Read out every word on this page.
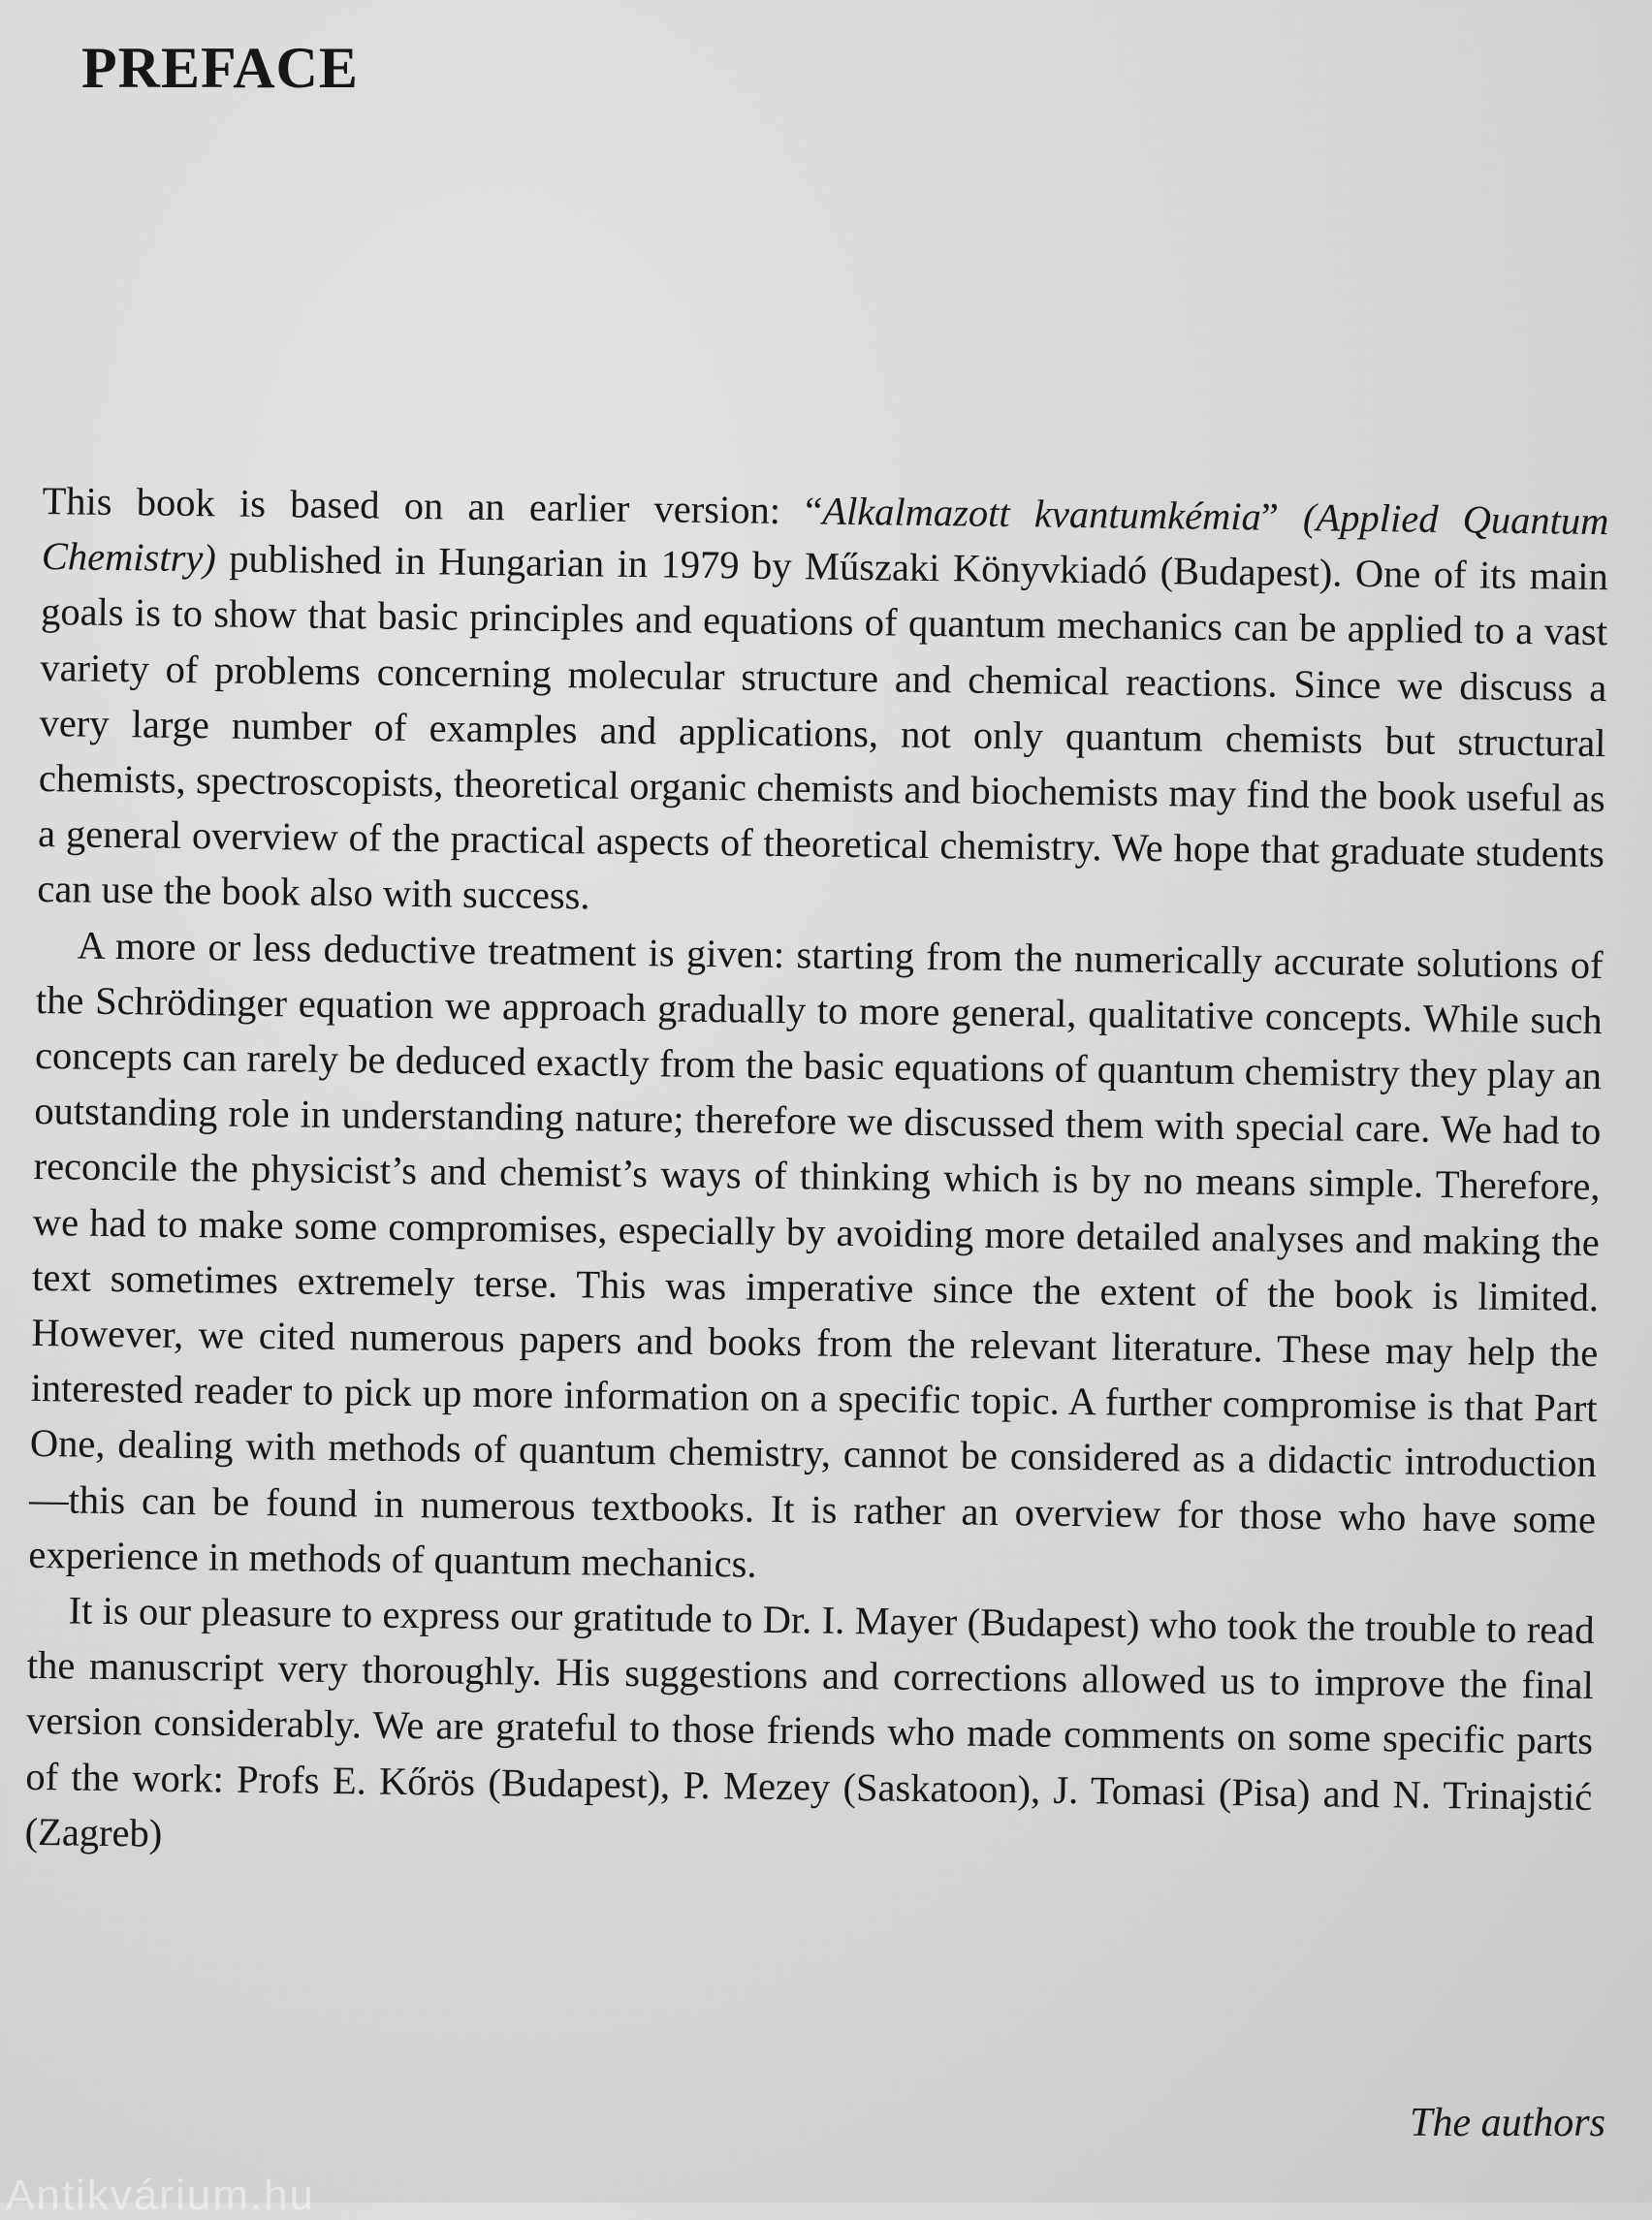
PREFACE

This book is based on an earlier version: “Alkalmazott kvantumkémia” (Applied Quantum Chemistry) published in Hungarian in 1979 by Műszaki Könyvkiadó (Budapest). One of its main goals is to show that basic principles and equations of quantum mechanics can be applied to a vast variety of problems concerning molecular structure and chemical reactions. Since we discuss a very large number of examples and applications, not only quantum chemists but structural chemists, spectroscopists, theoretical organic chemists and biochemists may find the book useful as a general overview of the practical aspects of theoretical chemistry. We hope that graduate students can use the book also with success.

A more or less deductive treatment is given: starting from the numerically accurate solutions of the Schrödinger equation we approach gradually to more general, qualitative concepts. While such concepts can rarely be deduced exactly from the basic equations of quantum chemistry they play an outstanding role in understanding nature; therefore we discussed them with special care. We had to reconcile the physicist’s and chemist’s ways of thinking which is by no means simple. Therefore, we had to make some compromises, especially by avoiding more detailed analyses and making the text sometimes extremely terse. This was imperative since the extent of the book is limited. However, we cited numerous papers and books from the relevant literature. These may help the interested reader to pick up more information on a specific topic. A further compromise is that Part One, dealing with methods of quantum chemistry, cannot be considered as a didactic introduction—this can be found in numerous textbooks. It is rather an overview for those who have some experience in methods of quantum mechanics.

It is our pleasure to express our gratitude to Dr. I. Mayer (Budapest) who took the trouble to read the manuscript very thoroughly. His suggestions and corrections allowed us to improve the final version considerably. We are grateful to those friends who made comments on some specific parts of the work: Profs E. Kőrös (Budapest), P. Mezey (Saskatoon), J. Tomasi (Pisa) and N. Trinajstić (Zagreb)

The authors

Antikvárium.hu
